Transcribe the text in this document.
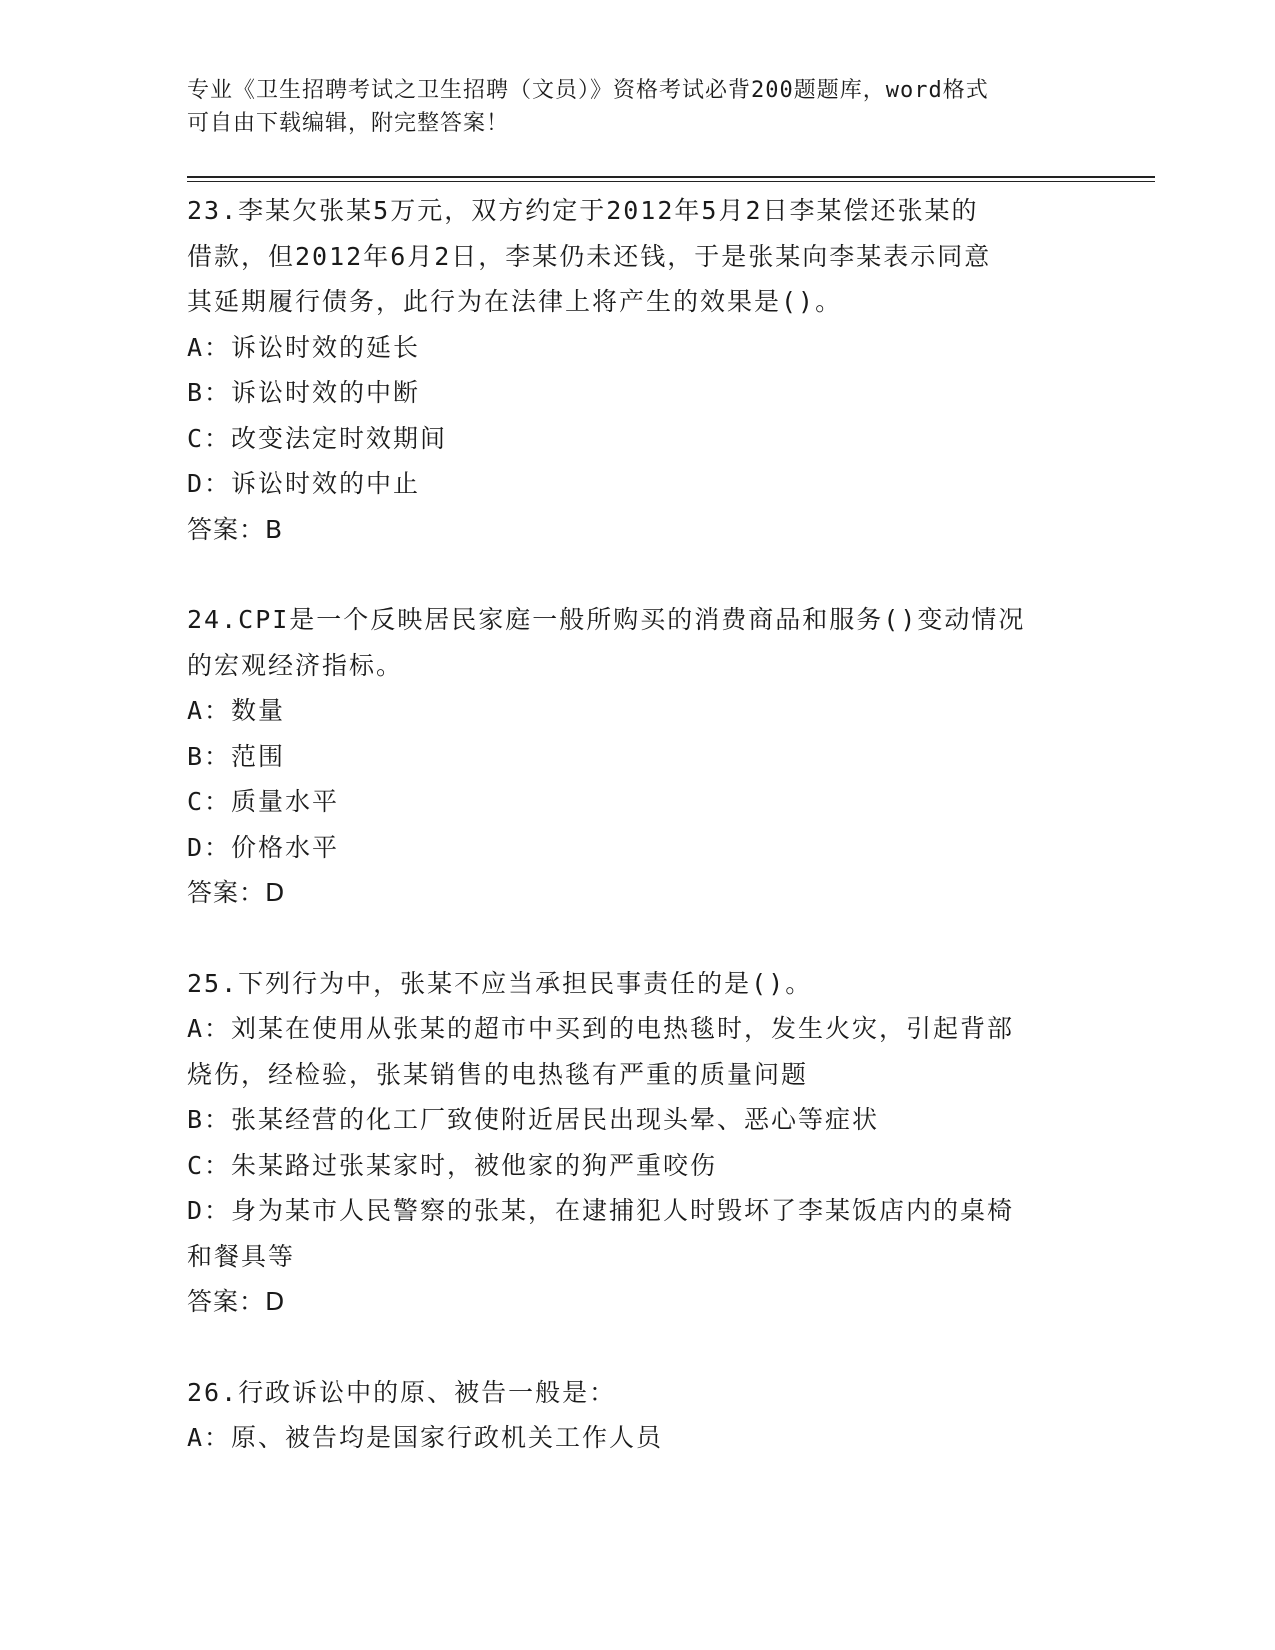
专业《卫生招聘考试之卫生招聘（文员）》资格考试必背200题题库，word格式
可自由下载编辑，附完整答案！
23.李某欠张某5万元，双方约定于2012年5月2日李某偿还张某的
借款，但2012年6月2日，李某仍未还钱，于是张某向李某表示同意
其延期履行债务，此行为在法律上将产生的效果是()。
A：诉讼时效的延长
B：诉讼时效的中断
C：改变法定时效期间
D：诉讼时效的中止
答案：B
24.CPI是一个反映居民家庭一般所购买的消费商品和服务()变动情况
的宏观经济指标。
A：数量
B：范围
C：质量水平
D：价格水平
答案：D
25.下列行为中，张某不应当承担民事责任的是()。
A：刘某在使用从张某的超市中买到的电热毯时，发生火灾，引起背部
烧伤，经检验，张某销售的电热毯有严重的质量问题
B：张某经营的化工厂致使附近居民出现头晕、恶心等症状
C：朱某路过张某家时，被他家的狗严重咬伤
D：身为某市人民警察的张某，在逮捕犯人时毁坏了李某饭店内的桌椅
和餐具等
答案：D
26.行政诉讼中的原、被告一般是：
A：原、被告均是国家行政机关工作人员
